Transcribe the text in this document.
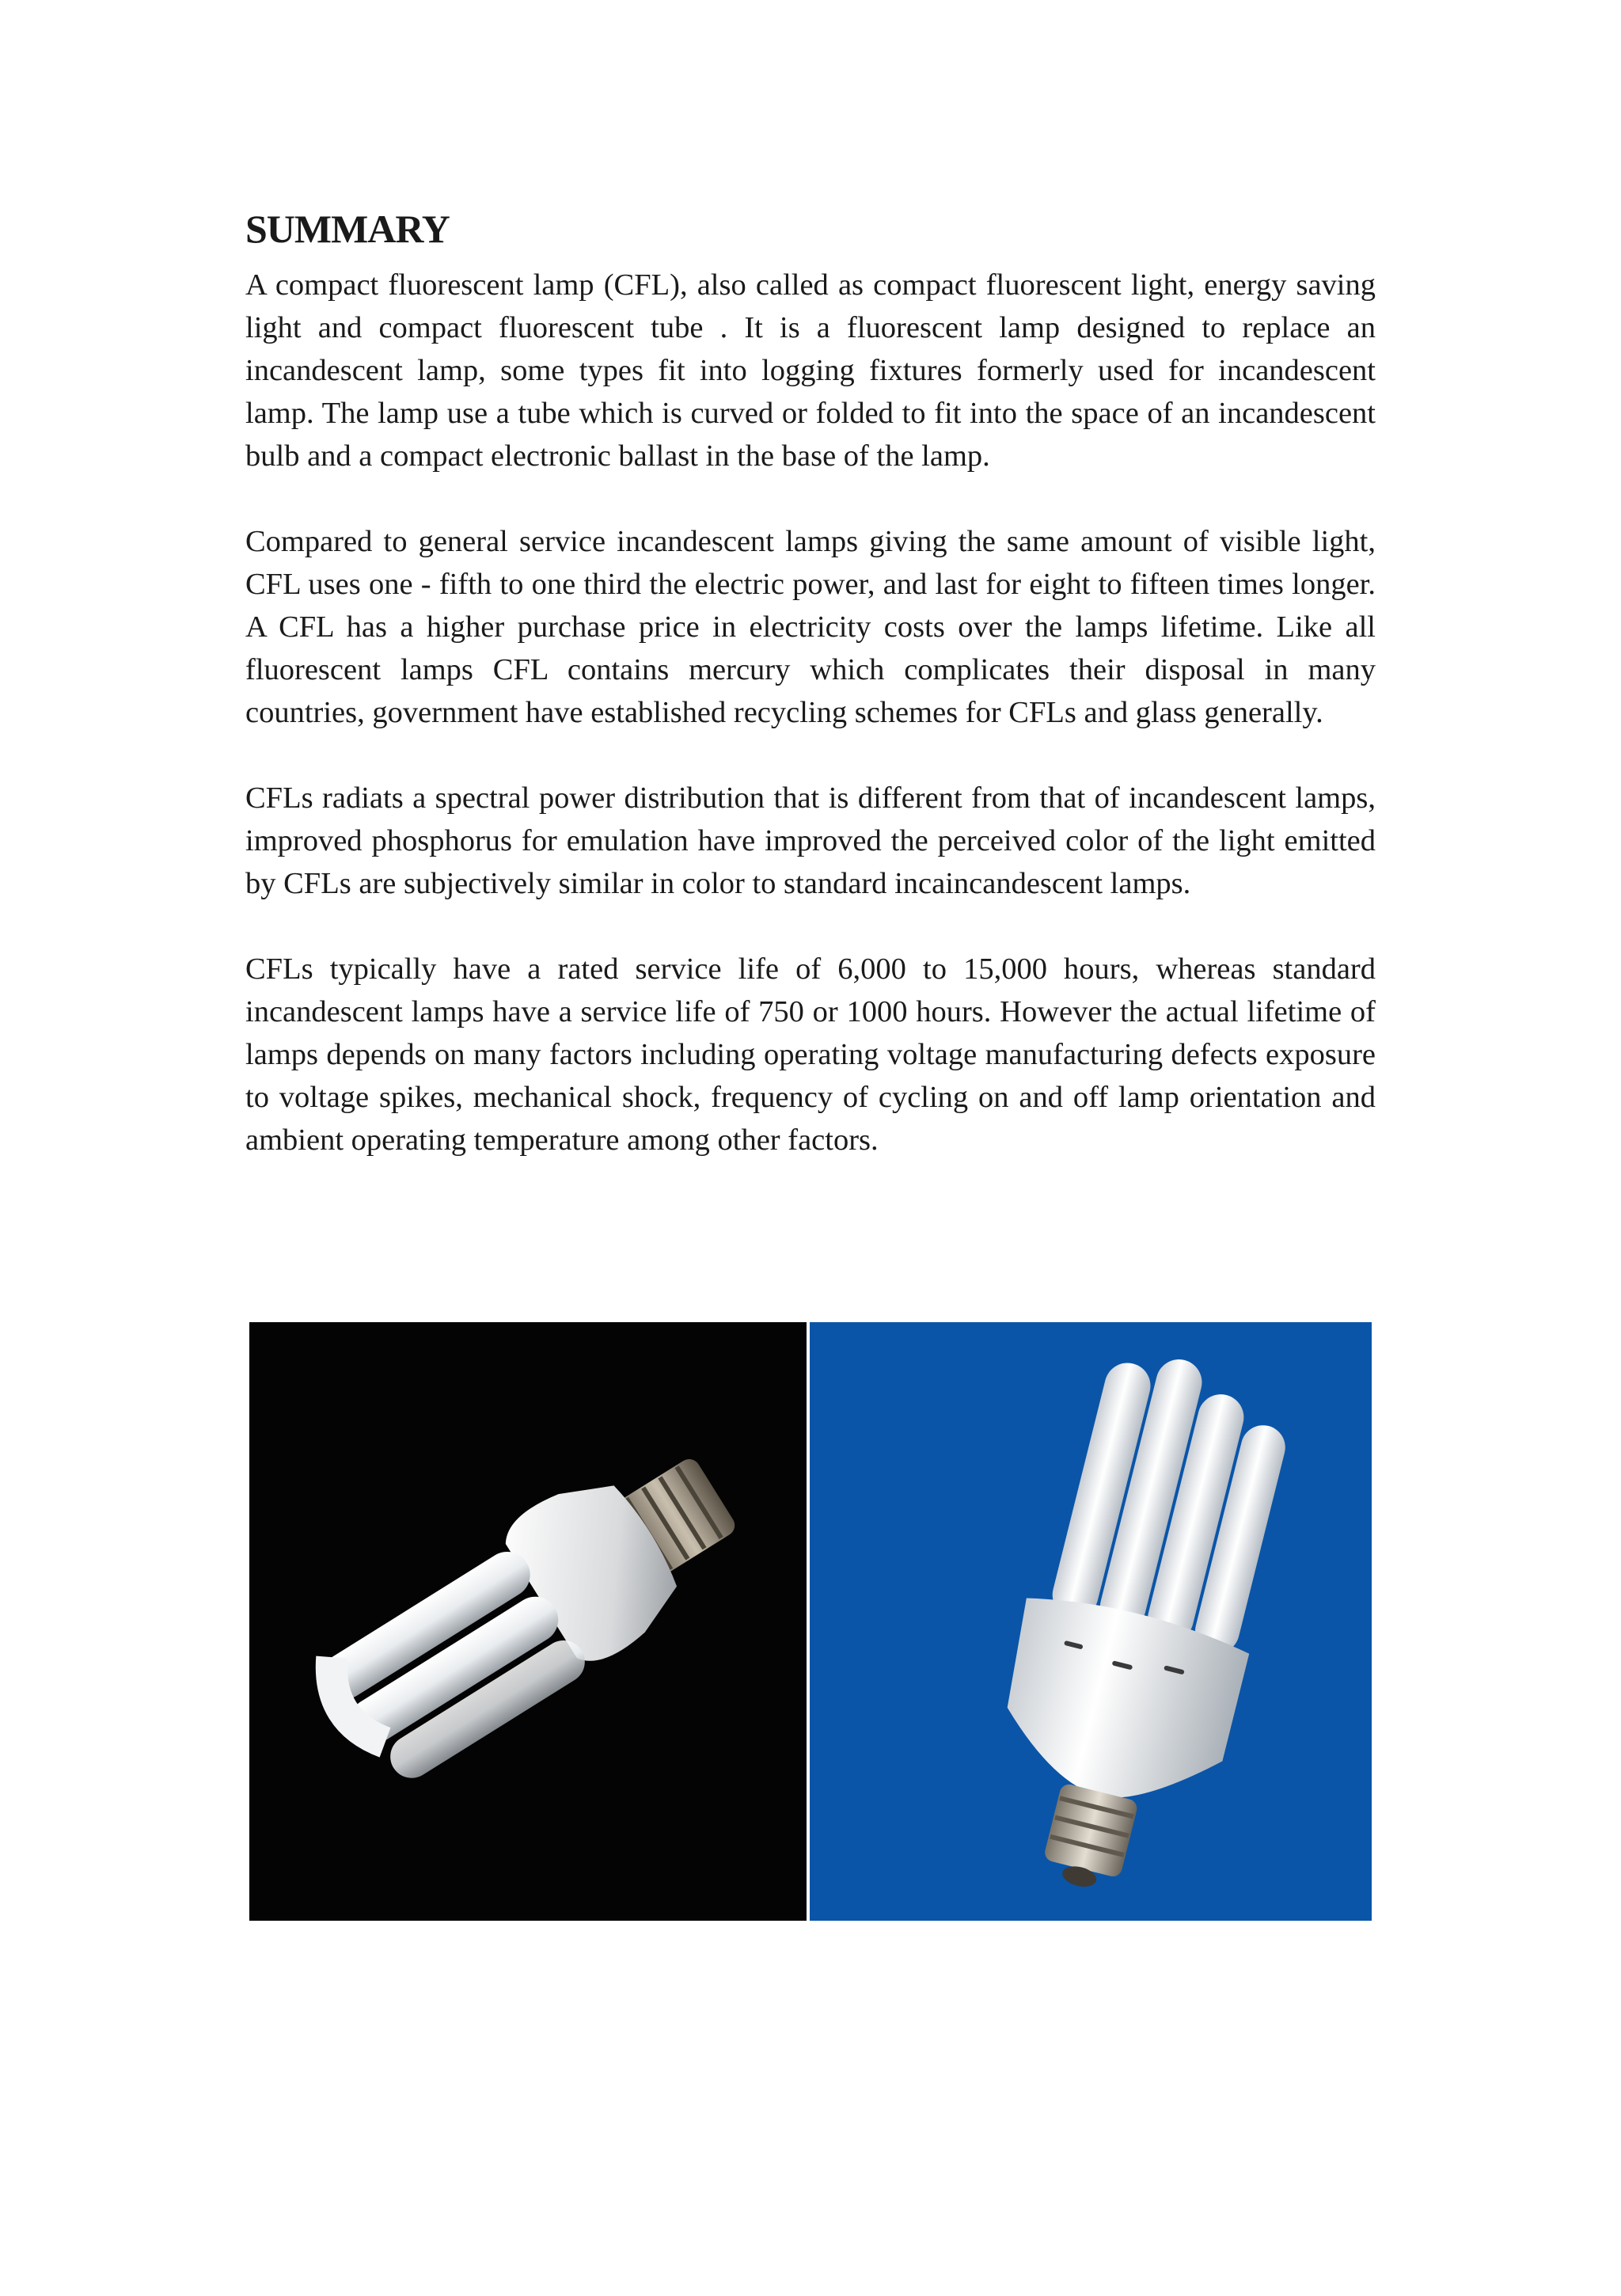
SUMMARY

A compact fluorescent lamp (CFL), also called as compact fluorescent light, energy saving light and compact fluorescent tube . It is a fluorescent lamp designed to replace an incandescent lamp, some types fit into logging fixtures formerly used for incandescent lamp. The lamp use a tube which is curved or folded to fit into the space of an incandescent bulb and a compact electronic ballast in the base of the lamp.

Compared to general service incandescent lamps giving the same amount of visible light, CFL uses one - fifth to one third the electric power, and last for eight to fifteen times longer. A CFL has a higher purchase price in electricity costs over the lamps lifetime. Like all fluorescent lamps CFL contains mercury which complicates their disposal in many countries, government have established recycling schemes for CFLs and glass generally.

CFLs radiats a spectral power distribution that is different from that of incandescent lamps, improved phosphorus for emulation have improved the perceived color of the light emitted by CFLs are subjectively similar in color to standard incaincandescent lamps.

CFLs typically have a rated service life of 6,000 to 15,000 hours, whereas standard incandescent lamps have a service life of 750 or 1000 hours. However the actual lifetime of lamps depends on many factors including operating voltage manufacturing defects exposure to voltage spikes, mechanical shock, frequency of cycling on and off lamp orientation and ambient operating temperature among other factors.
